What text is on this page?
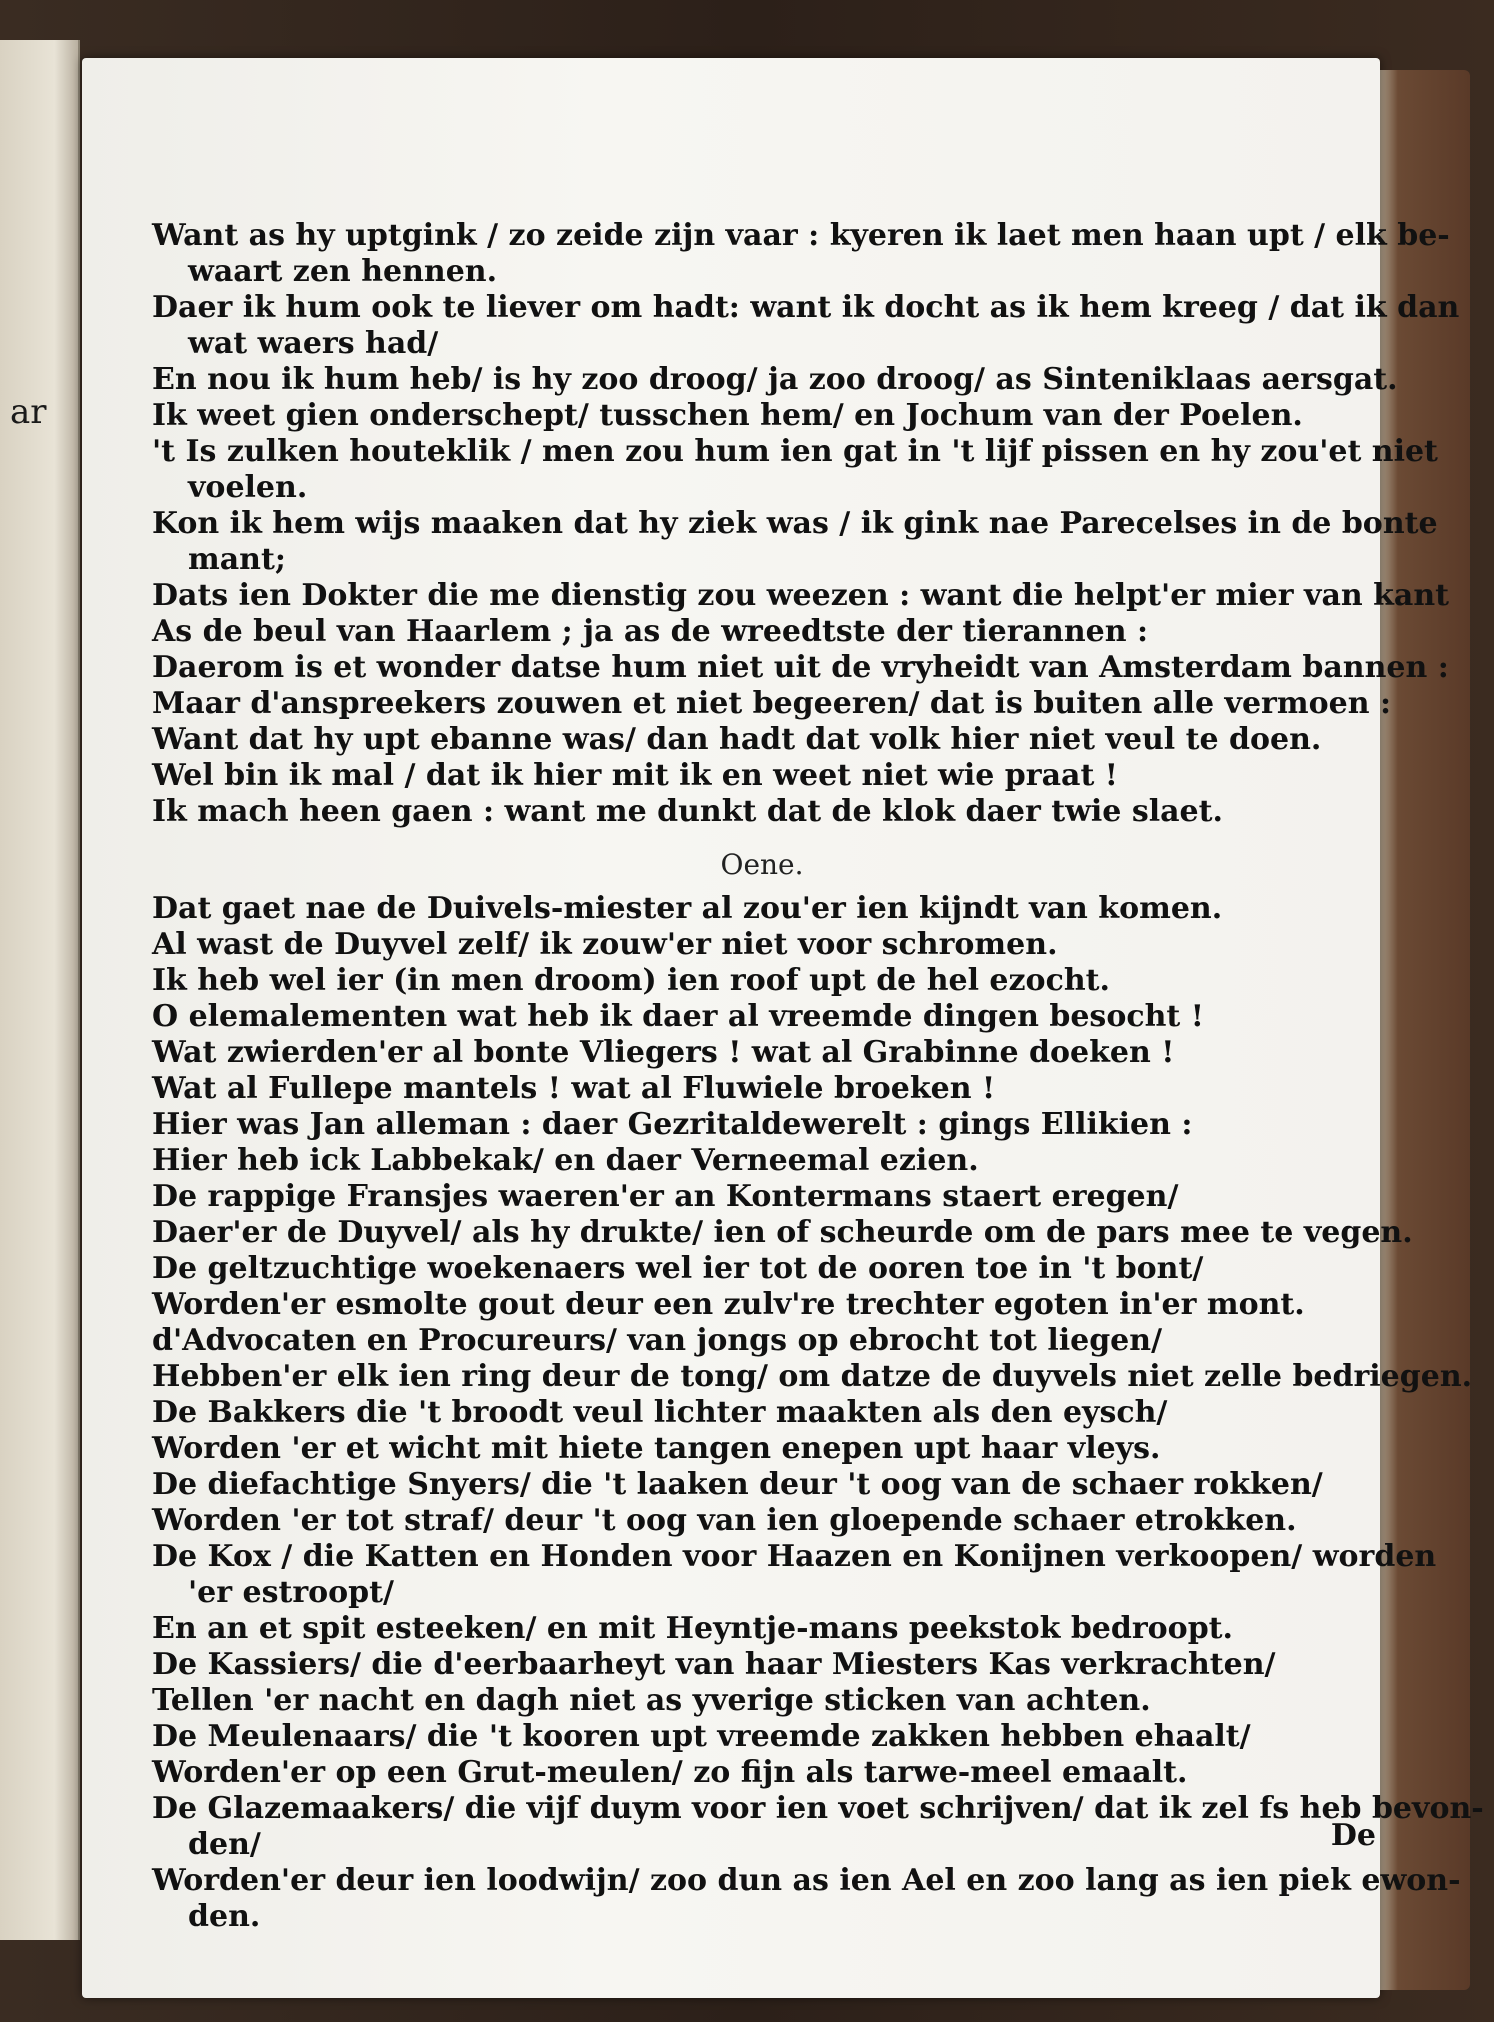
ar

Want as hy uptgink / zo zeide zijn vaar : kyeren ik laet men haan upt / elk be-
waart zen hennen.

Daer ik hum ook te liever om hadt: want ik docht as ik hem kreeg / dat ik dan
wat waers had/

En nou ik hum heb/ is hy zoo droog/ ja zoo droog/ as Sinteniklaas aersgat.

Ik weet gien onderschept/ tusschen hem/ en Jochum van der Poelen.

't Is zulken houteklik / men zou hum ien gat in 't lijf pissen en hy zou'et niet
voelen.

Kon ik hem wijs maaken dat hy ziek was / ik gink nae Parecelses in de bonte
mant;

Dats ien Dokter die me dienstig zou weezen : want die helpt'er mier van kant

As de beul van Haarlem ; ja as de wreedtste der tierannen :

Daerom is et wonder datse hum niet uit de vryheidt van Amsterdam bannen :

Maar d'anspreekers zouwen et niet begeeren/ dat is buiten alle vermoen :

Want dat hy upt ebanne was/ dan hadt dat volk hier niet veul te doen.

Wel bin ik mal / dat ik hier mit ik en weet niet wie praat !

Ik mach heen gaen : want me dunkt dat de klok daer twie slaet.

Oene.

Dat gaet nae de Duivels-miester al zou'er ien kijndt van komen.

Al wast de Duyvel zelf/ ik zouw'er niet voor schromen.

Ik heb wel ier (in men droom) ien roof upt de hel ezocht.

O elemalementen wat heb ik daer al vreemde dingen besocht !

Wat zwierden'er al bonte Vliegers ! wat al Grabinne doeken !

Wat al Fullepe mantels ! wat al Fluwiele broeken !

Hier was Jan alleman : daer Gezritaldewerelt : gings Ellikien :

Hier heb ick Labbekak/ en daer Verneemal ezien.

De rappige Fransjes waeren'er an Kontermans staert eregen/

Daer'er de Duyvel/ als hy drukte/ ien of scheurde om de pars mee te vegen.

De geltzuchtige woekenaers wel ier tot de ooren toe in 't bont/

Worden'er esmolte gout deur een zulv're trechter egoten in'er mont.

d'Advocaten en Procureurs/ van jongs op ebrocht tot liegen/

Hebben'er elk ien ring deur de tong/ om datze de duyvels niet zelle bedriegen.

De Bakkers die 't broodt veul lichter maakten als den eysch/

Worden 'er et wicht mit hiete tangen enepen upt haar vleys.

De diefachtige Snyers/ die 't laaken deur 't oog van de schaer rokken/

Worden 'er tot straf/ deur 't oog van ien gloepende schaer etrokken.

De Kox / die Katten en Honden voor Haazen en Konijnen verkoopen/ worden
'er estroopt/

En an et spit esteeken/ en mit Heyntje-mans peekstok bedroopt.

De Kassiers/ die d'eerbaarheyt van haar Miesters Kas verkrachten/

Tellen 'er nacht en dagh niet as yverige sticken van achten.

De Meulenaars/ die 't kooren upt vreemde zakken hebben ehaalt/

Worden'er op een Grut-meulen/ zo fijn als tarwe-meel emaalt.

De Glazemaakers/ die vijf duym voor ien voet schrijven/ dat ik zel fs heb bevon-
den/

Worden'er deur ien loodwijn/ zoo dun as ien Ael en zoo lang as ien piek ewon-
den.

De
